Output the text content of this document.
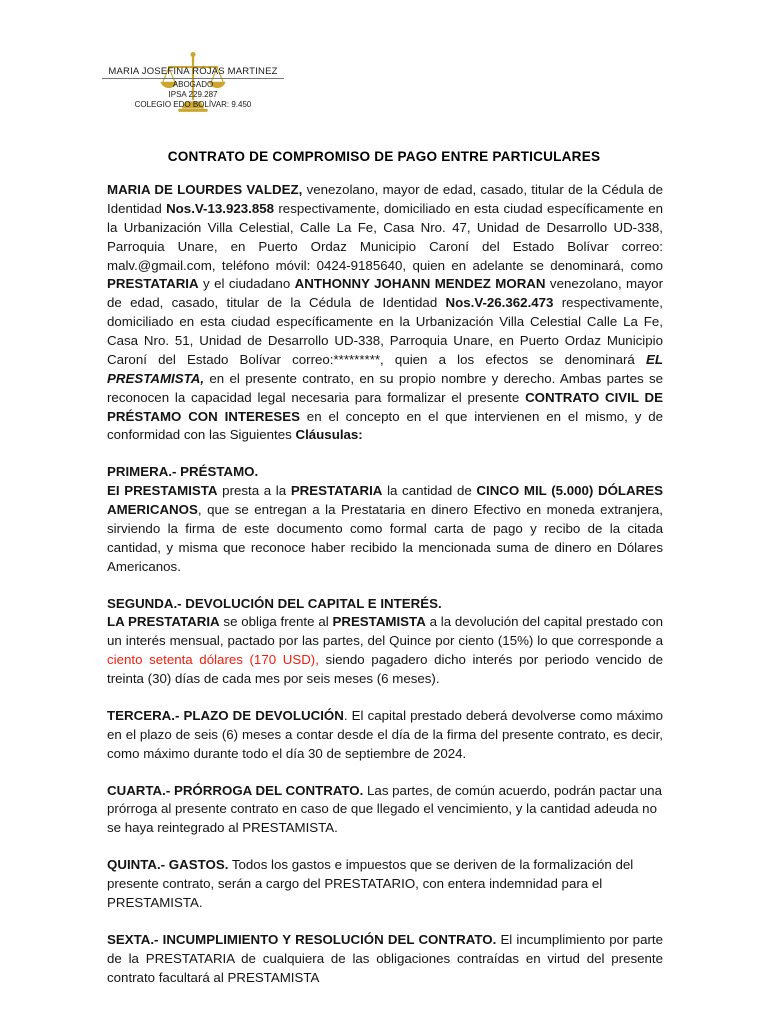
MARIA JOSEFINA ROJAS MARTINEZ
ABOGADO
IPSA 229.287
COLEGIO EDO BOLÍVAR: 9.450
CONTRATO DE COMPROMISO DE PAGO ENTRE PARTICULARES

MARIA DE LOURDES VALDEZ, venezolano, mayor de edad, casado, titular de la Cédula de Identidad Nos.V-13.923.858 respectivamente, domiciliado en esta ciudad específicamente en la Urbanización Villa Celestial, Calle La Fe, Casa Nro. 47, Unidad de Desarrollo UD-338, Parroquia Unare, en Puerto Ordaz Municipio Caroní del Estado Bolívar correo: malv.@gmail.com, teléfono móvil: 0424-9185640, quien en adelante se denominará, como PRESTATARIA y el ciudadano ANTHONNY JOHANN MENDEZ MORAN venezolano, mayor de edad, casado, titular de la Cédula de Identidad Nos.V-26.362.473 respectivamente, domiciliado en esta ciudad específicamente en la Urbanización Villa Celestial Calle La Fe, Casa Nro. 51, Unidad de Desarrollo UD-338, Parroquia Unare, en Puerto Ordaz Municipio Caroní del Estado Bolívar correo:*********, quien a los efectos se denominará EL PRESTAMISTA, en el presente contrato, en su propio nombre y derecho. Ambas partes se reconocen la capacidad legal necesaria para formalizar el presente CONTRATO CIVIL DE PRÉSTAMO CON INTERESES en el concepto en el que intervienen en el mismo, y de conformidad con las Siguientes Cláusulas:

PRIMERA.- PRÉSTAMO.
EI PRESTAMISTA presta a la PRESTATARIA la cantidad de CINCO MIL (5.000) DÓLARES AMERICANOS, que se entregan a la Prestataria en dinero Efectivo en moneda extranjera, sirviendo la firma de este documento como formal carta de pago y recibo de la citada cantidad, y misma que reconoce haber recibido la mencionada suma de dinero en Dólares Americanos.

SEGUNDA.- DEVOLUCIÓN DEL CAPITAL E INTERÉS.
LA PRESTATARIA se obliga frente al PRESTAMISTA a la devolución del capital prestado con un interés mensual, pactado por las partes, del Quince por ciento (15%) lo que corresponde a ciento setenta dólares (170 USD), siendo pagadero dicho interés por periodo vencido de treinta (30) días de cada mes por seis meses (6 meses).

TERCERA.- PLAZO DE DEVOLUCIÓN. El capital prestado deberá devolverse como máximo en el plazo de seis (6) meses a contar desde el día de la firma del presente contrato, es decir, como máximo durante todo el día 30 de septiembre de 2024.

CUARTA.- PRÓRROGA DEL CONTRATO. Las partes, de común acuerdo, podrán pactar una prórroga al presente contrato en caso de que llegado el vencimiento, y la cantidad adeuda no se haya reintegrado al PRESTAMISTA.

QUINTA.- GASTOS. Todos los gastos e impuestos que se deriven de la formalización del presente contrato, serán a cargo del PRESTATARIO, con entera indemnidad para el PRESTAMISTA.

SEXTA.- INCUMPLIMIENTO Y RESOLUCIÓN DEL CONTRATO. El incumplimiento por parte de la PRESTATARIA de cualquiera de las obligaciones contraídas en virtud del presente contrato facultará al PRESTAMISTA
